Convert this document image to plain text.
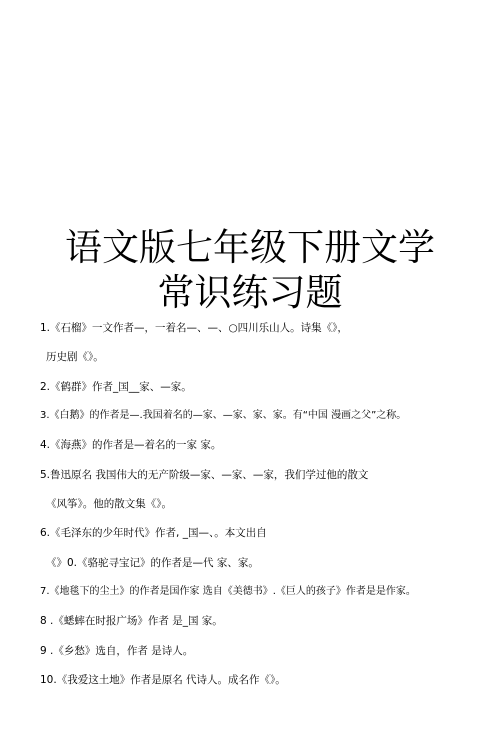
语文版七年级下册文学
常识练习题
1.《石榴》一文作者—，一着名—、—、○四川乐山人。诗集《》，
历史剧《》。
2.《鹤群》作者_国__家、—家。
3.《白鹅》的作者是—.我国着名的—家、—家、家、家。有“中国 漫画之父”之称。
4.《海燕》的作者是—着名的一家 家。
5.鲁迅原名 我国伟大的无产阶级—家、—家、—家，我们学过他的散文
《风筝》。他的散文集《》。
6.《毛泽东的少年时代》作者, _国—、。本文出自
《》0.《骆驼寻宝记》的作者是—代 家、家。
7.《地毯下的尘土》的作者是国作家 选自《美德书》.《巨人的孩子》作者是是作家。
8 .《蟋蟀在时报广场》作者 是_国 家。
9 .《乡愁》选自，作者 是诗人。
10.《我爱这土地》作者是原名 代诗人。成名作《》。
